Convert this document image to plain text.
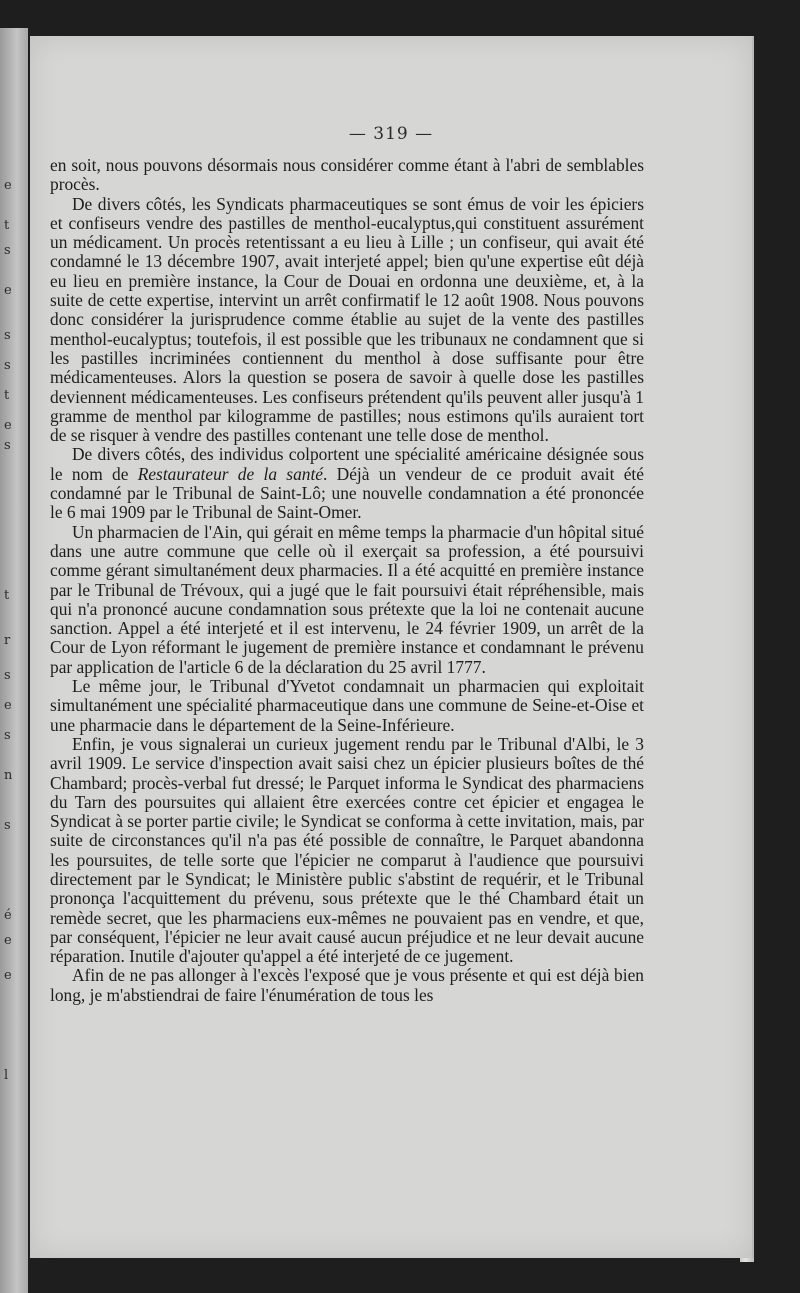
e
t
s
e
s
s
t
e
s
t
r
s
e
s
n
s
é
e
e
l
— 319 —

en soit, nous pouvons désormais nous considérer comme étant à l'abri de semblables procès.

De divers côtés, les Syndicats pharmaceutiques se sont émus de voir les épiciers et confiseurs vendre des pastilles de menthol-eucalyptus,qui constituent assurément un médicament. Un procès retentissant a eu lieu à Lille ; un confiseur, qui avait été condamné le 13 décembre 1907, avait interjeté appel; bien qu'une expertise eût déjà eu lieu en première instance, la Cour de Douai en ordonna une deuxième, et, à la suite de cette expertise, intervint un arrêt confirmatif le 12 août 1908. Nous pouvons donc considérer la jurisprudence comme établie au sujet de la vente des pastilles menthol-eucalyptus; toutefois, il est possible que les tribunaux ne condamnent que si les pastilles incriminées contiennent du menthol à dose suffisante pour être médicamenteuses. Alors la question se posera de savoir à quelle dose les pastilles deviennent médicamenteuses. Les confiseurs prétendent qu'ils peuvent aller jusqu'à 1 gramme de menthol par kilogramme de pastilles; nous estimons qu'ils auraient tort de se risquer à vendre des pastilles contenant une telle dose de menthol.

De divers côtés, des individus colportent une spécialité américaine désignée sous le nom de Restaurateur de la santé. Déjà un vendeur de ce produit avait été condamné par le Tribunal de Saint-Lô; une nouvelle condamnation a été prononcée le 6 mai 1909 par le Tribunal de Saint-Omer.

Un pharmacien de l'Ain, qui gérait en même temps la pharmacie d'un hôpital situé dans une autre commune que celle où il exerçait sa profession, a été poursuivi comme gérant simultanément deux pharmacies. Il a été acquitté en première instance par le Tribunal de Trévoux, qui a jugé que le fait poursuivi était répréhensible, mais qui n'a prononcé aucune condamnation sous prétexte que la loi ne contenait aucune sanction. Appel a été interjeté et il est intervenu, le 24 février 1909, un arrêt de la Cour de Lyon réformant le jugement de première instance et condamnant le prévenu par application de l'article 6 de la déclaration du 25 avril 1777.

Le même jour, le Tribunal d'Yvetot condamnait un pharmacien qui exploitait simultanément une spécialité pharmaceutique dans une commune de Seine-et-Oise et une pharmacie dans le département de la Seine-Inférieure.

Enfin, je vous signalerai un curieux jugement rendu par le Tribunal d'Albi, le 3 avril 1909. Le service d'inspection avait saisi chez un épicier plusieurs boîtes de thé Chambard; procès-verbal fut dressé; le Parquet informa le Syndicat des pharmaciens du Tarn des poursuites qui allaient être exercées contre cet épicier et engagea le Syndicat à se porter partie civile; le Syndicat se conforma à cette invitation, mais, par suite de circonstances qu'il n'a pas été possible de connaître, le Parquet abandonna les poursuites, de telle sorte que l'épicier ne comparut à l'audience que poursuivi directement par le Syndicat; le Ministère public s'abstint de requérir, et le Tribunal prononça l'acquittement du prévenu, sous prétexte que le thé Chambard était un remède secret, que les pharmaciens eux-mêmes ne pouvaient pas en vendre, et que, par conséquent, l'épicier ne leur avait causé aucun préjudice et ne leur devait aucune réparation. Inutile d'ajouter qu'appel a été interjeté de ce jugement.

Afin de ne pas allonger à l'excès l'exposé que je vous présente et qui est déjà bien long, je m'abstiendrai de faire l'énumération de tous les
